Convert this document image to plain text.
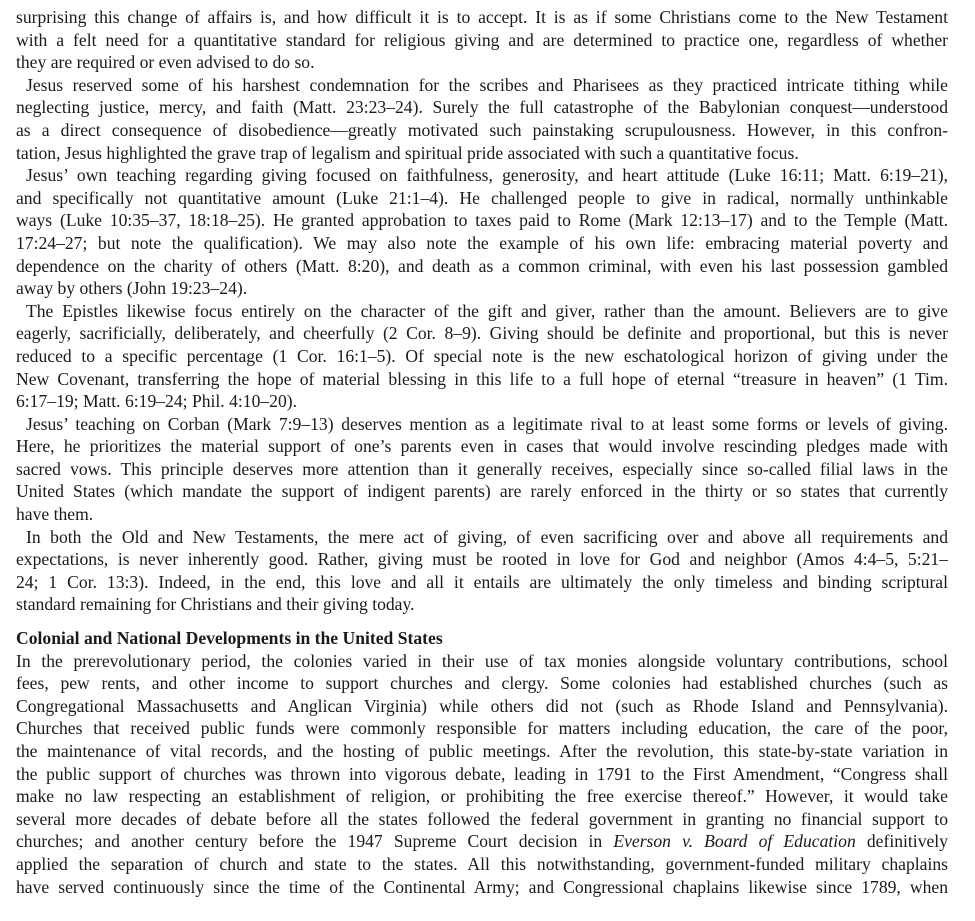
surprising this change of affairs is, and how difficult it is to accept. It is as if some Christians come to the New Testament
with a felt need for a quantitative standard for religious giving and are determined to practice one, regardless of whether
they are required or even advised to do so.
Jesus reserved some of his harshest condemnation for the scribes and Pharisees as they practiced intricate tithing while
neglecting justice, mercy, and faith (Matt. 23:23–24). Surely the full catastrophe of the Babylonian conquest—understood
as a direct consequence of disobedience—greatly motivated such painstaking scrupulousness. However, in this confron-
tation, Jesus highlighted the grave trap of legalism and spiritual pride associated with such a quantitative focus.
Jesus’ own teaching regarding giving focused on faithfulness, generosity, and heart attitude (Luke 16:11; Matt. 6:19–21),
and specifically not quantitative amount (Luke 21:1–4). He challenged people to give in radical, normally unthinkable
ways (Luke 10:35–37, 18:18–25). He granted approbation to taxes paid to Rome (Mark 12:13–17) and to the Temple (Matt.
17:24–27; but note the qualification). We may also note the example of his own life: embracing material poverty and
dependence on the charity of others (Matt. 8:20), and death as a common criminal, with even his last possession gambled
away by others (John 19:23–24).
The Epistles likewise focus entirely on the character of the gift and giver, rather than the amount. Believers are to give
eagerly, sacrificially, deliberately, and cheerfully (2 Cor. 8–9). Giving should be definite and proportional, but this is never
reduced to a specific percentage (1 Cor. 16:1–5). Of special note is the new eschatological horizon of giving under the
New Covenant, transferring the hope of material blessing in this life to a full hope of eternal “treasure in heaven” (1 Tim.
6:17–19; Matt. 6:19–24; Phil. 4:10–20).
Jesus’ teaching on Corban (Mark 7:9–13) deserves mention as a legitimate rival to at least some forms or levels of giving.
Here, he prioritizes the material support of one’s parents even in cases that would involve rescinding pledges made with
sacred vows. This principle deserves more attention than it generally receives, especially since so-called filial laws in the
United States (which mandate the support of indigent parents) are rarely enforced in the thirty or so states that currently
have them.
In both the Old and New Testaments, the mere act of giving, of even sacrificing over and above all requirements and
expectations, is never inherently good. Rather, giving must be rooted in love for God and neighbor (Amos 4:4–5, 5:21–
24; 1 Cor. 13:3). Indeed, in the end, this love and all it entails are ultimately the only timeless and binding scriptural
standard remaining for Christians and their giving today.
Colonial and National Developments in the United States
In the prerevolutionary period, the colonies varied in their use of tax monies alongside voluntary contributions, school
fees, pew rents, and other income to support churches and clergy. Some colonies had established churches (such as
Congregational Massachusetts and Anglican Virginia) while others did not (such as Rhode Island and Pennsylvania).
Churches that received public funds were commonly responsible for matters including education, the care of the poor,
the maintenance of vital records, and the hosting of public meetings. After the revolution, this state-by-state variation in
the public support of churches was thrown into vigorous debate, leading in 1791 to the First Amendment, “Congress shall
make no law respecting an establishment of religion, or prohibiting the free exercise thereof.” However, it would take
several more decades of debate before all the states followed the federal government in granting no financial support to
churches; and another century before the 1947 Supreme Court decision in Everson v. Board of Education definitively
applied the separation of church and state to the states. All this notwithstanding, government-funded military chaplains
have served continuously since the time of the Continental Army; and Congressional chaplains likewise since 1789, when
